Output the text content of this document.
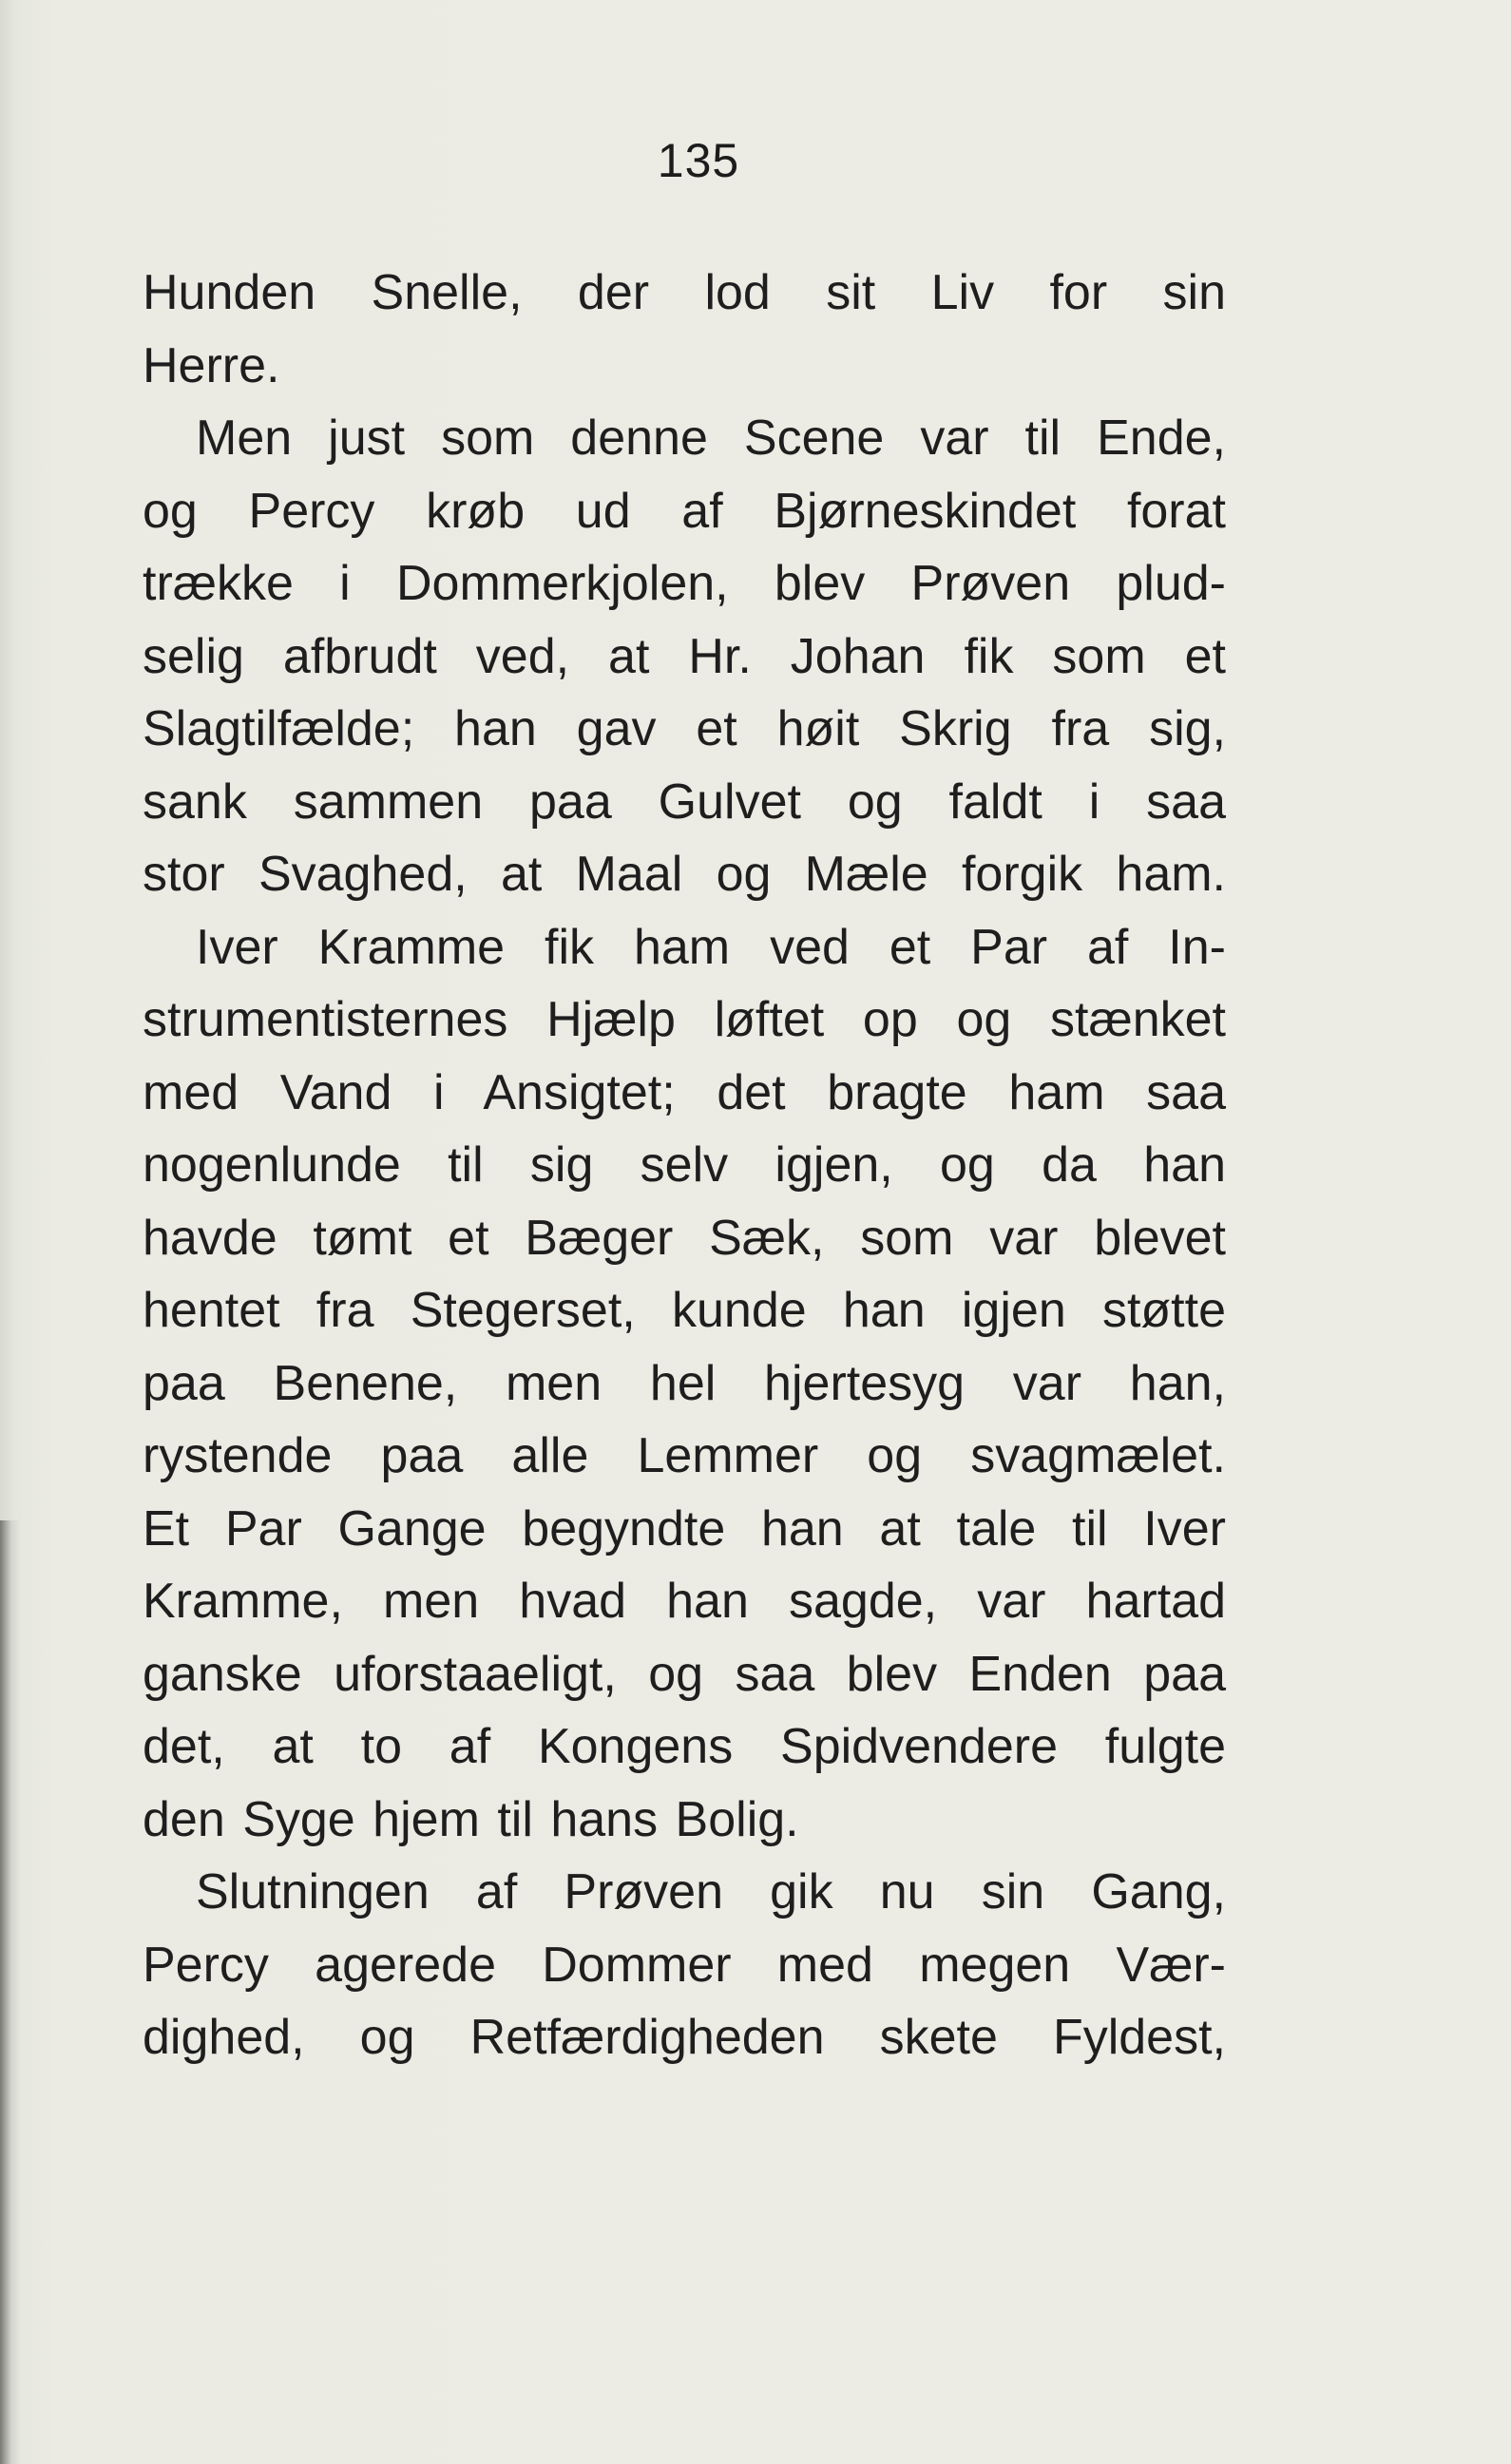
135
Hunden Snelle, der lod sit Liv for sin
Herre.
Men just som denne Scene var til Ende,
og Percy krøb ud af Bjørneskindet forat
trække i Dommerkjolen, blev Prøven plud-
selig afbrudt ved, at Hr. Johan fik som et
Slagtilfælde; han gav et høit Skrig fra sig,
sank sammen paa Gulvet og faldt i saa
stor Svaghed, at Maal og Mæle forgik ham.
Iver Kramme fik ham ved et Par af In-
strumentisternes Hjælp løftet op og stænket
med Vand i Ansigtet; det bragte ham saa
nogenlunde til sig selv igjen, og da han
havde tømt et Bæger Sæk, som var blevet
hentet fra Stegerset, kunde han igjen støtte
paa Benene, men hel hjertesyg var han,
rystende paa alle Lemmer og svagmælet.
Et Par Gange begyndte han at tale til Iver
Kramme, men hvad han sagde, var hartad
ganske uforstaaeligt, og saa blev Enden paa
det, at to af Kongens Spidvendere fulgte
den Syge hjem til hans Bolig.
Slutningen af Prøven gik nu sin Gang,
Percy agerede Dommer med megen Vær-
dighed, og Retfærdigheden skete Fyldest,
